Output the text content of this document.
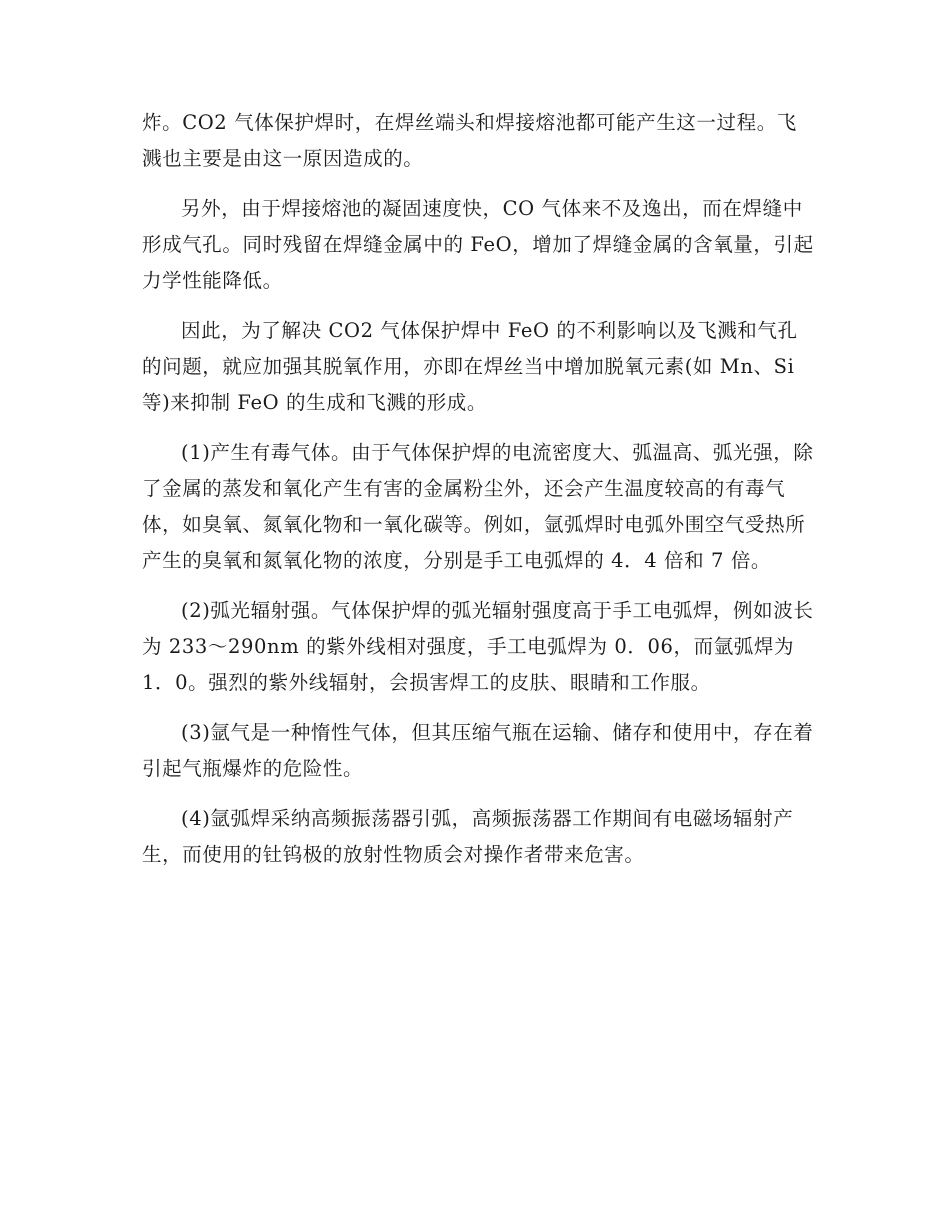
炸。CO2 气体保护焊时，在焊丝端头和焊接熔池都可能产生这一过程。飞溅也主要是由这一原因造成的。

另外，由于焊接熔池的凝固速度快，CO 气体来不及逸出，而在焊缝中形成气孔。同时残留在焊缝金属中的 FeO，增加了焊缝金属的含氧量，引起力学性能降低。

因此，为了解决 CO2 气体保护焊中 FeO 的不利影响以及飞溅和气孔的问题，就应加强其脱氧作用，亦即在焊丝当中增加脱氧元素(如 Mn、Si 等)来抑制 FeO 的生成和飞溅的形成。

(1)产生有毒气体。由于气体保护焊的电流密度大、弧温高、弧光强，除了金属的蒸发和氧化产生有害的金属粉尘外，还会产生温度较高的有毒气体，如臭氧、氮氧化物和一氧化碳等。例如，氩弧焊时电弧外围空气受热所产生的臭氧和氮氧化物的浓度，分别是手工电弧焊的 4．4 倍和 7 倍。

(2)弧光辐射强。气体保护焊的弧光辐射强度高于手工电弧焊，例如波长为 233～290nm 的紫外线相对强度，手工电弧焊为 0．06，而氩弧焊为 1．0。强烈的紫外线辐射，会损害焊工的皮肤、眼睛和工作服。

(3)氩气是一种惰性气体，但其压缩气瓶在运输、储存和使用中，存在着引起气瓶爆炸的危险性。

(4)氩弧焊采纳高频振荡器引弧，高频振荡器工作期间有电磁场辐射产生，而使用的钍钨极的放射性物质会对操作者带来危害。
